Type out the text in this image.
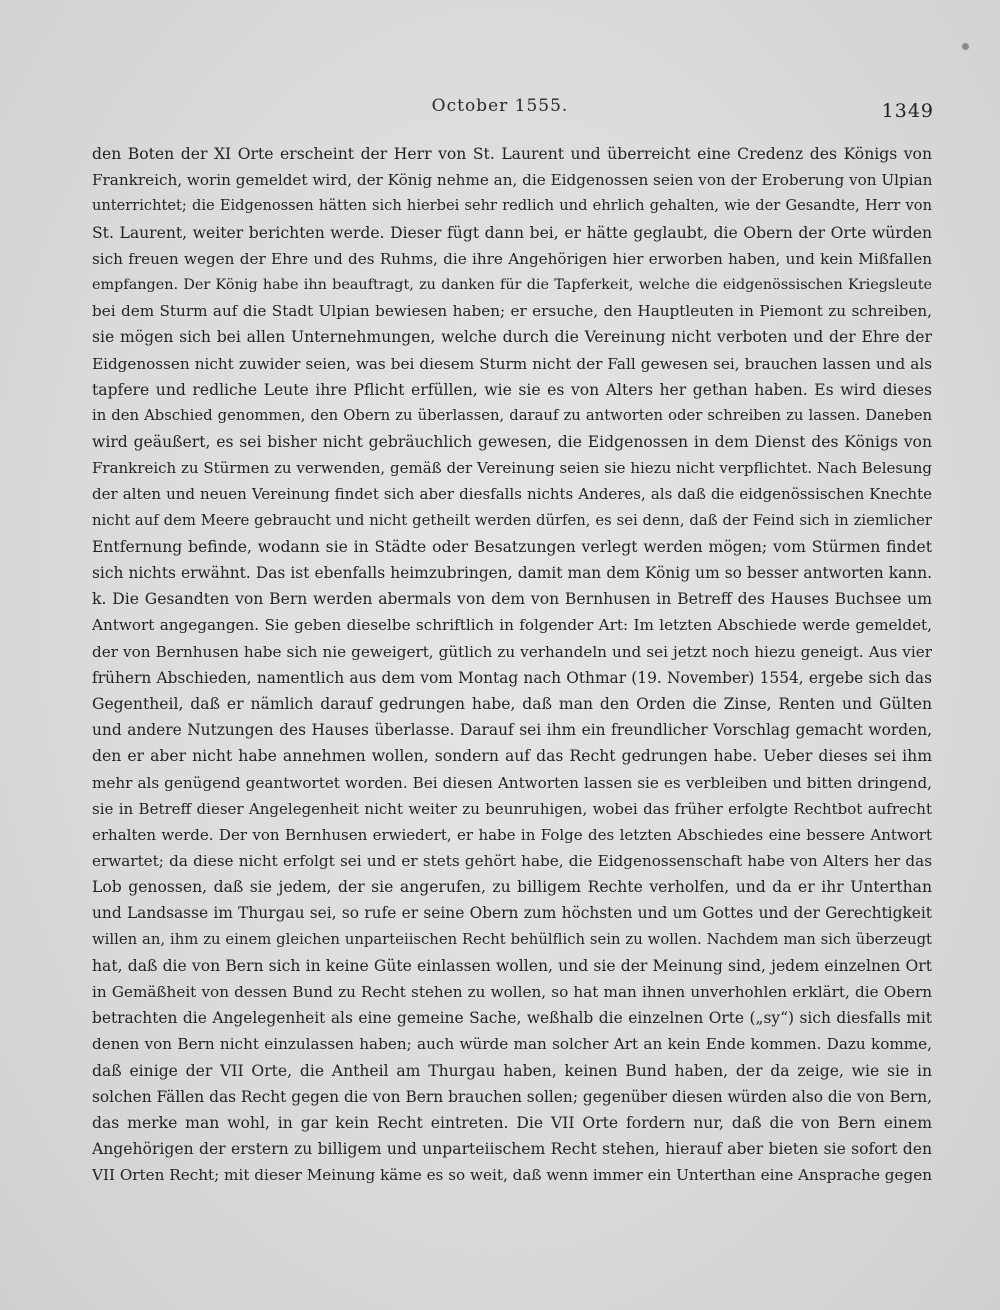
October 1555.	1349
den Boten der XI Orte erscheint der Herr von St. Laurent und überreicht eine Credenz des Königs von
Frankreich, worin gemeldet wird, der König nehme an, die Eidgenossen seien von der Eroberung von Ulpian
unterrichtet; die Eidgenossen hätten sich hierbei sehr redlich und ehrlich gehalten, wie der Gesandte, Herr von
St. Laurent, weiter berichten werde. Dieser fügt dann bei, er hätte geglaubt, die Obern der Orte würden
sich freuen wegen der Ehre und des Ruhms, die ihre Angehörigen hier erworben haben, und kein Mißfallen
empfangen. Der König habe ihn beauftragt, zu danken für die Tapferkeit, welche die eidgenössischen Kriegsleute
bei dem Sturm auf die Stadt Ulpian bewiesen haben; er ersuche, den Hauptleuten in Piemont zu schreiben,
sie mögen sich bei allen Unternehmungen, welche durch die Vereinung nicht verboten und der Ehre der
Eidgenossen nicht zuwider seien, was bei diesem Sturm nicht der Fall gewesen sei, brauchen lassen und als
tapfere und redliche Leute ihre Pflicht erfüllen, wie sie es von Alters her gethan haben. Es wird dieses
in den Abschied genommen, den Obern zu überlassen, darauf zu antworten oder schreiben zu lassen. Daneben
wird geäußert, es sei bisher nicht gebräuchlich gewesen, die Eidgenossen in dem Dienst des Königs von
Frankreich zu Stürmen zu verwenden, gemäß der Vereinung seien sie hiezu nicht verpflichtet. Nach Belesung
der alten und neuen Vereinung findet sich aber diesfalls nichts Anderes, als daß die eidgenössischen Knechte
nicht auf dem Meere gebraucht und nicht getheilt werden dürfen, es sei denn, daß der Feind sich in ziemlicher
Entfernung befinde, wodann sie in Städte oder Besatzungen verlegt werden mögen; vom Stürmen findet
sich nichts erwähnt. Das ist ebenfalls heimzubringen, damit man dem König um so besser antworten kann.
k. Die Gesandten von Bern werden abermals von dem von Bernhusen in Betreff des Hauses Buchsee um
Antwort angegangen. Sie geben dieselbe schriftlich in folgender Art: Im letzten Abschiede werde gemeldet,
der von Bernhusen habe sich nie geweigert, gütlich zu verhandeln und sei jetzt noch hiezu geneigt. Aus vier
frühern Abschieden, namentlich aus dem vom Montag nach Othmar (19. November) 1554, ergebe sich das
Gegentheil, daß er nämlich darauf gedrungen habe, daß man den Orden die Zinse, Renten und Gülten
und andere Nutzungen des Hauses überlasse. Darauf sei ihm ein freundlicher Vorschlag gemacht worden,
den er aber nicht habe annehmen wollen, sondern auf das Recht gedrungen habe. Ueber dieses sei ihm
mehr als genügend geantwortet worden. Bei diesen Antworten lassen sie es verbleiben und bitten dringend,
sie in Betreff dieser Angelegenheit nicht weiter zu beunruhigen, wobei das früher erfolgte Rechtbot aufrecht
erhalten werde. Der von Bernhusen erwiedert, er habe in Folge des letzten Abschiedes eine bessere Antwort
erwartet; da diese nicht erfolgt sei und er stets gehört habe, die Eidgenossenschaft habe von Alters her das
Lob genossen, daß sie jedem, der sie angerufen, zu billigem Rechte verholfen, und da er ihr Unterthan
und Landsasse im Thurgau sei, so rufe er seine Obern zum höchsten und um Gottes und der Gerechtigkeit
willen an, ihm zu einem gleichen unparteiischen Recht behülflich sein zu wollen. Nachdem man sich überzeugt
hat, daß die von Bern sich in keine Güte einlassen wollen, und sie der Meinung sind, jedem einzelnen Ort
in Gemäßheit von dessen Bund zu Recht stehen zu wollen, so hat man ihnen unverhohlen erklärt, die Obern
betrachten die Angelegenheit als eine gemeine Sache, weßhalb die einzelnen Orte („sy“) sich diesfalls mit
denen von Bern nicht einzulassen haben; auch würde man solcher Art an kein Ende kommen. Dazu komme,
daß einige der VII Orte, die Antheil am Thurgau haben, keinen Bund haben, der da zeige, wie sie in
solchen Fällen das Recht gegen die von Bern brauchen sollen; gegenüber diesen würden also die von Bern,
das merke man wohl, in gar kein Recht eintreten. Die VII Orte fordern nur, daß die von Bern einem
Angehörigen der erstern zu billigem und unparteiischem Recht stehen, hierauf aber bieten sie sofort den
VII Orten Recht; mit dieser Meinung käme es so weit, daß wenn immer ein Unterthan eine Ansprache gegen
